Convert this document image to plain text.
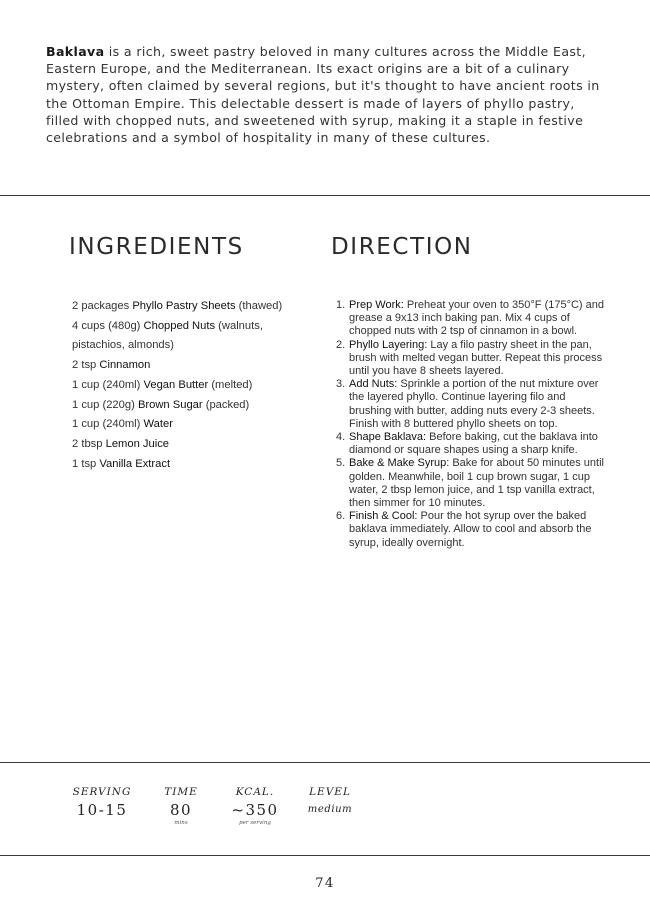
Baklava is a rich, sweet pastry beloved in many cultures across the Middle East, Eastern Europe, and the Mediterranean. Its exact origins are a bit of a culinary mystery, often claimed by several regions, but it's thought to have ancient roots in the Ottoman Empire. This delectable dessert is made of layers of phyllo pastry, filled with chopped nuts, and sweetened with syrup, making it a staple in festive celebrations and a symbol of hospitality in many of these cultures.

INGREDIENTS	DIRECTION
2 packages Phyllo Pastry Sheets (thawed)
4 cups (480g) Chopped Nuts (walnuts, pistachios, almonds)
2 tsp Cinnamon
1 cup (240ml) Vegan Butter (melted)
1 cup (220g) Brown Sugar (packed)
1 cup (240ml) Water
2 tbsp Lemon Juice
1 tsp Vanilla Extract
1. Prep Work: Preheat your oven to 350°F (175°C) and grease a 9x13 inch baking pan. Mix 4 cups of chopped nuts with 2 tsp of cinnamon in a bowl.
2. Phyllo Layering: Lay a filo pastry sheet in the pan, brush with melted vegan butter. Repeat this process until you have 8 sheets layered.
3. Add Nuts: Sprinkle a portion of the nut mixture over the layered phyllo. Continue layering filo and brushing with butter, adding nuts every 2-3 sheets. Finish with 8 buttered phyllo sheets on top.
4. Shape Baklava: Before baking, cut the baklava into diamond or square shapes using a sharp knife.
5. Bake & Make Syrup: Bake for about 50 minutes until golden. Meanwhile, boil 1 cup brown sugar, 1 cup water, 2 tbsp lemon juice, and 1 tsp vanilla extract, then simmer for 10 minutes.
6. Finish & Cool: Pour the hot syrup over the baked baklava immediately. Allow to cool and absorb the syrup, ideally overnight.
SERVING
10-15
TIME
80
mins
KCAL.
~350
per serving
LEVEL
medium
74
